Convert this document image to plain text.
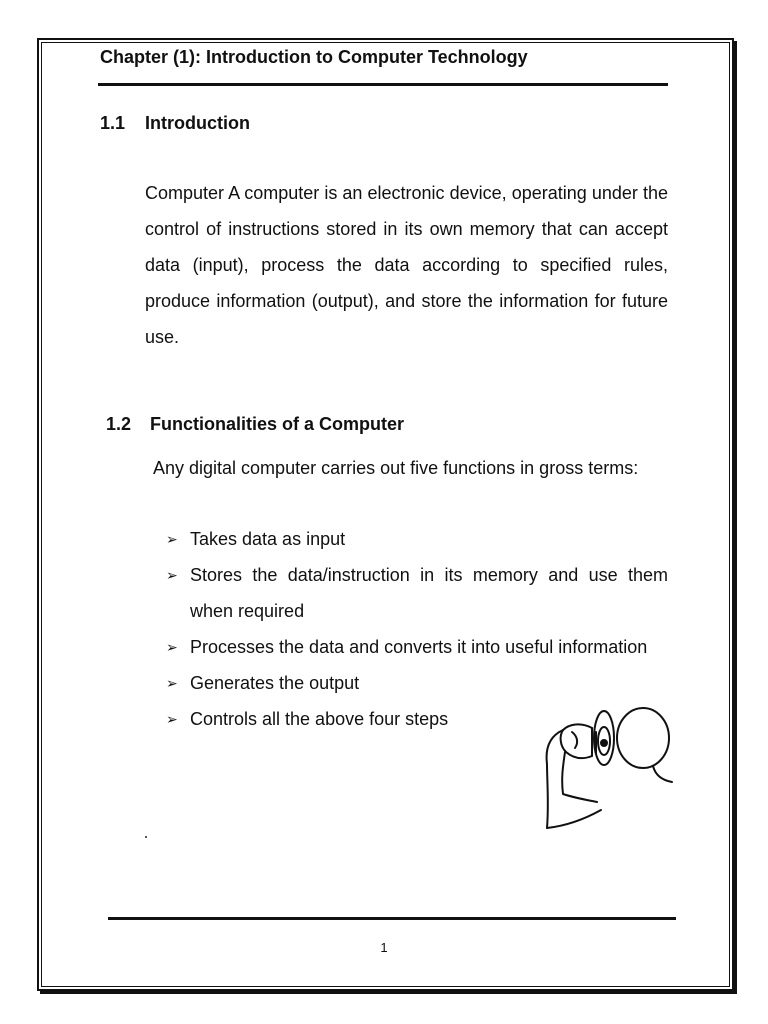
Chapter (1): Introduction to Computer Technology
1.1 Introduction
Computer A computer is an electronic device, operating under the control of instructions stored in its own memory that can accept data (input), process the data according to specified rules, produce information (output), and store the information for future use.
1.2 Functionalities of a Computer
Any digital computer carries out five functions in gross terms:
➢ Takes data as input
➢ Stores the data/instruction in its memory and use them when required
➢ Processes the data and converts it into useful information
➢ Generates the output
➢ Controls all the above four steps
1
